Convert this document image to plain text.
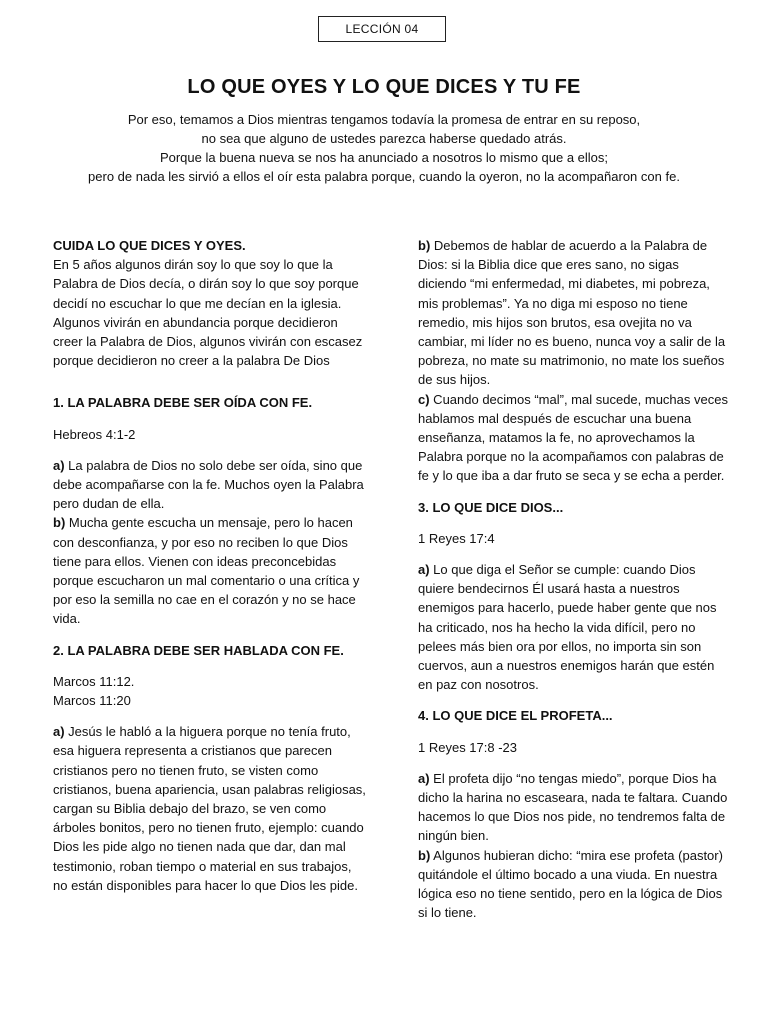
LECCIÓN 04
LO QUE OYES Y LO QUE DICES Y TU FE
Por eso, temamos a Dios mientras tengamos todavía la promesa de entrar en su reposo,
no sea que alguno de ustedes parezca haberse quedado atrás.
Porque la buena nueva se nos ha anunciado a nosotros lo mismo que a ellos;
pero de nada les sirvió a ellos el oír esta palabra porque, cuando la oyeron, no la acompañaron con fe.
CUIDA LO QUE DICES Y OYES.

En 5 años algunos dirán soy lo que soy lo que la Palabra de Dios decía, o dirán soy lo que soy porque decidí no escuchar lo que me decían en la iglesia. Algunos vivirán en abundancia porque decidieron creer la Palabra de Dios, algunos vivirán con escasez porque decidieron no creer a la palabra De Dios

1. LA PALABRA DEBE SER OÍDA CON FE.

Hebreos 4:1-2

a) La palabra de Dios no solo debe ser oída, sino que debe acompañarse con la fe. Muchos oyen la Palabra pero dudan de ella.

b) Mucha gente escucha un mensaje, pero lo hacen con desconfianza, y por eso no reciben lo que Dios tiene para ellos. Vienen con ideas preconcebidas porque escucharon un mal comentario o una crítica y por eso la semilla no cae en el corazón y no se hace vida.

2. LA PALABRA DEBE SER HABLADA CON FE.

Marcos 11:12.

Marcos 11:20

a) Jesús le habló a la higuera porque no tenía fruto, esa higuera representa a cristianos que parecen cristianos pero no tienen fruto, se visten como cristianos, buena apariencia, usan palabras religiosas, cargan su Biblia debajo del brazo, se ven como árboles bonitos, pero no tienen fruto, ejemplo: cuando Dios les pide algo no tienen nada que dar, dan mal testimonio, roban tiempo o material en sus trabajos, no están disponibles para hacer lo que Dios les pide.

b) Debemos de hablar de acuerdo a la Palabra de Dios: si la Biblia dice que eres sano, no sigas diciendo “mi enfermedad, mi diabetes, mi pobreza, mis problemas”. Ya no diga mi esposo no tiene remedio, mis hijos son brutos, esa ovejita no va cambiar, mi líder no es bueno, nunca voy a salir de la pobreza, no mate su matrimonio, no mate los sueños de sus hijos.

c) Cuando decimos “mal”, mal sucede, muchas veces hablamos mal después de escuchar una buena enseñanza, matamos la fe, no aprovechamos la Palabra porque no la acompañamos con palabras de fe y lo que iba a dar fruto se seca y se echa a perder.

3. LO QUE DICE DIOS...

1 Reyes 17:4

a) Lo que diga el Señor se cumple: cuando Dios quiere bendecirnos Él usará hasta a nuestros enemigos para hacerlo, puede haber gente que nos ha criticado, nos ha hecho la vida difícil, pero no pelees más bien ora por ellos, no importa sin son cuervos, aun a nuestros enemigos harán que estén en paz con nosotros.

4. LO QUE DICE EL PROFETA...

1 Reyes 17:8 -23

a) El profeta dijo “no tengas miedo”, porque Dios ha dicho la harina no escaseara, nada te faltara. Cuando hacemos lo que Dios nos pide, no tendremos falta de ningún bien.

b) Algunos hubieran dicho: “mira ese profeta (pastor) quitándole el último bocado a una viuda. En nuestra lógica eso no tiene sentido, pero en la lógica de Dios si lo tiene.
